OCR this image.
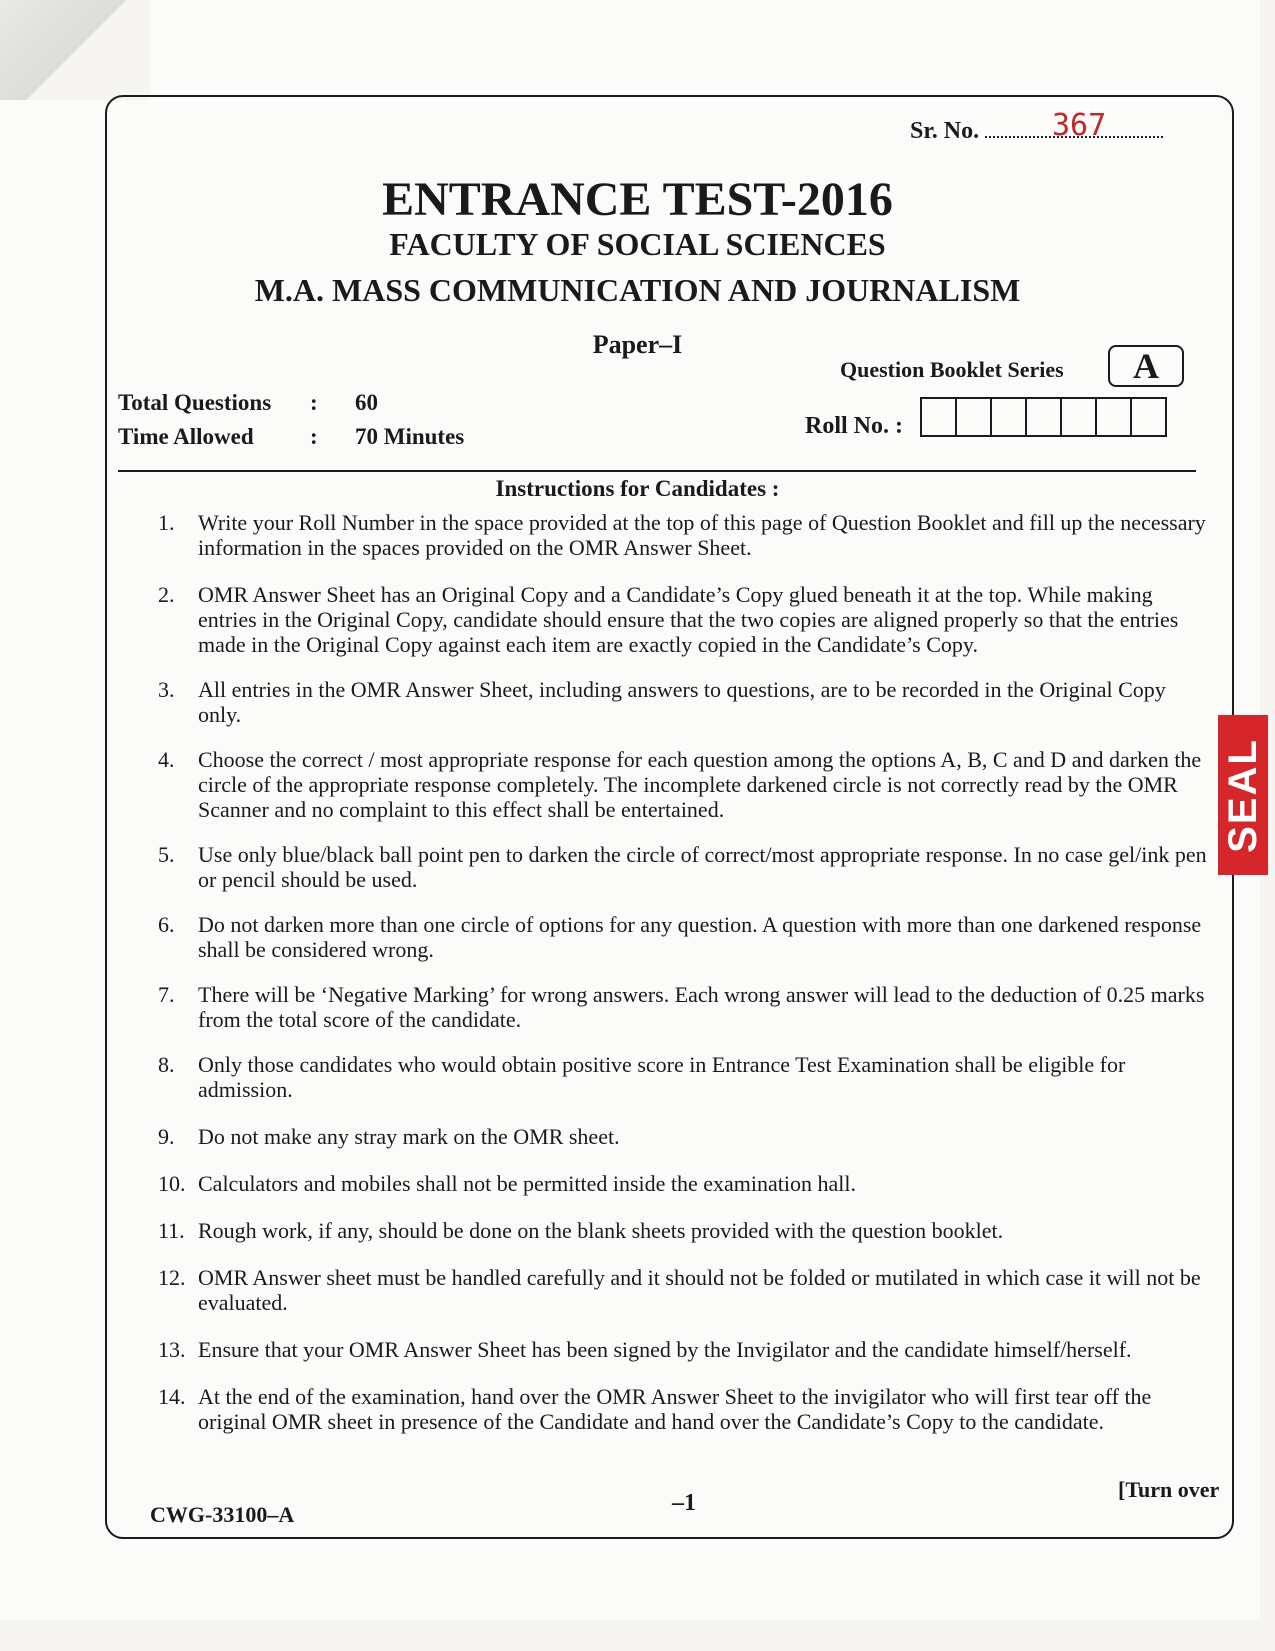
Sr. No.	367
ENTRANCE TEST-2016
FACULTY OF SOCIAL SCIENCES
M.A. MASS COMMUNICATION AND JOURNALISM
Paper–I
Question Booklet Series	A
Total Questions : 60
Time Allowed : 70 Minutes	Roll No. :
Instructions for Candidates :
1.	Write your Roll Number in the space provided at the top of this page of Question Booklet and fill up the necessary information in the spaces provided on the OMR Answer Sheet.
2.	OMR Answer Sheet has an Original Copy and a Candidate’s Copy glued beneath it at the top. While making entries in the Original Copy, candidate should ensure that the two copies are aligned properly so that the entries made in the Original Copy against each item are exactly copied in the Candidate’s Copy.
3.	All entries in the OMR Answer Sheet, including answers to questions, are to be recorded in the Original Copy only.
4.	Choose the correct / most appropriate response for each question among the options A, B, C and D and darken the circle of the appropriate response completely. The incomplete darkened circle is not correctly read by the OMR Scanner and no complaint to this effect shall be entertained.
5.	Use only blue/black ball point pen to darken the circle of correct/most appropriate response. In no case gel/ink pen or pencil should be used.
6.	Do not darken more than one circle of options for any question. A question with more than one darkened response shall be considered wrong.
7.	There will be ‘Negative Marking’ for wrong answers. Each wrong answer will lead to the deduction of 0.25 marks from the total score of the candidate.
8.	Only those candidates who would obtain positive score in Entrance Test Examination shall be eligible for admission.
9.	Do not make any stray mark on the OMR sheet.
10. Calculators and mobiles shall not be permitted inside the examination hall.
11. Rough work, if any, should be done on the blank sheets provided with the question booklet.
12. OMR Answer sheet must be handled carefully and it should not be folded or mutilated in which case it will not be evaluated.
13. Ensure that your OMR Answer Sheet has been signed by the Invigilator and the candidate himself/herself.
14. At the end of the examination, hand over the OMR Answer Sheet to the invigilator who will first tear off the original OMR sheet in presence of the Candidate and hand over the Candidate’s Copy to the candidate.
CWG-33100–A	–1
[Turn over
SEAL
